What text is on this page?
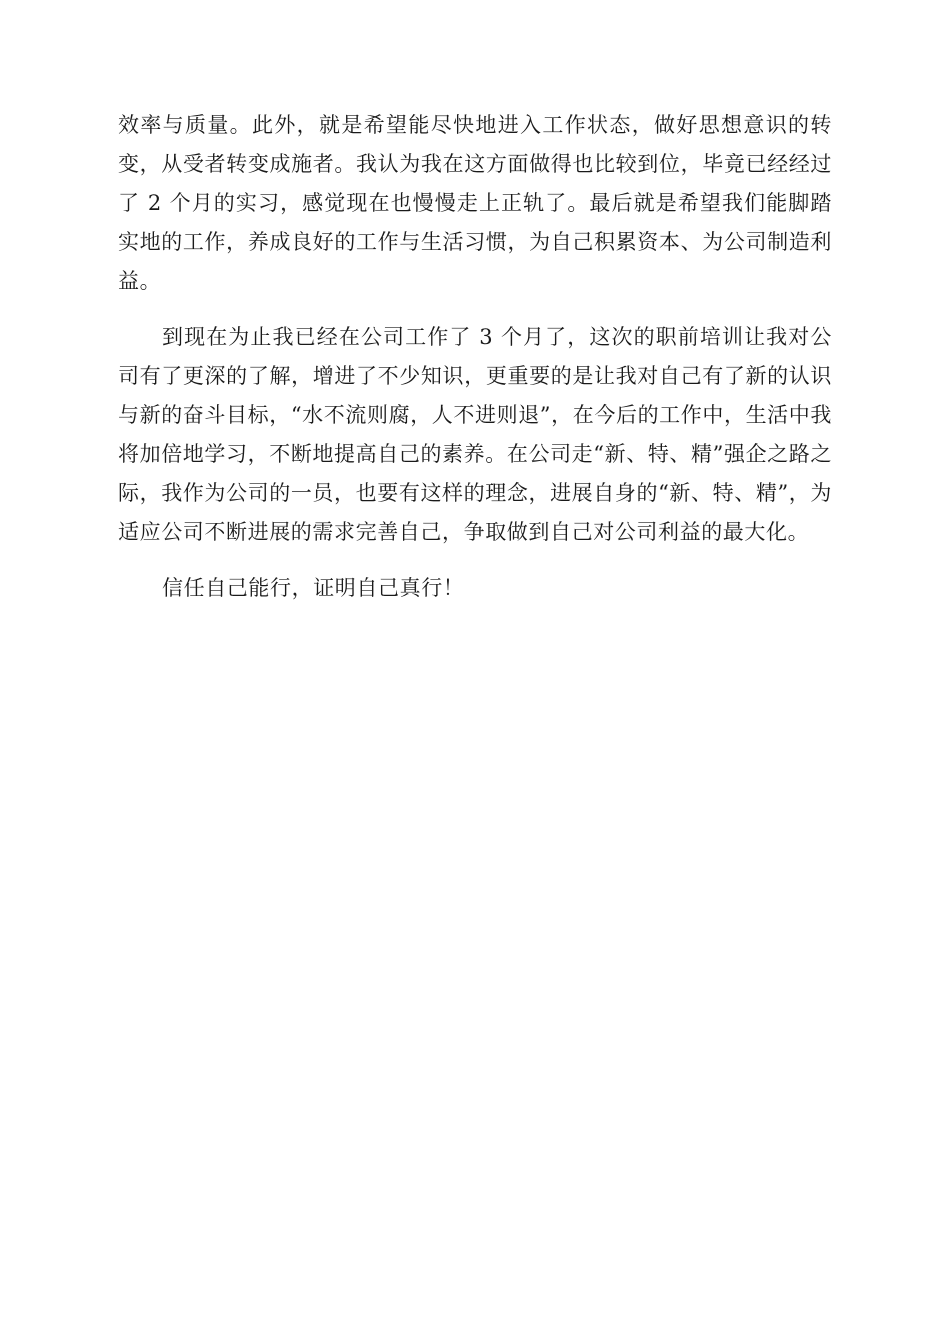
效率与质量。此外，就是希望能尽快地进入工作状态，做好思想意识的转变，从受者转变成施者。我认为我在这方面做得也比较到位，毕竟已经经过了 2 个月的实习，感觉现在也慢慢走上正轨了。最后就是希望我们能脚踏实地的工作，养成良好的工作与生活习惯，为自己积累资本、为公司制造利益。

到现在为止我已经在公司工作了 3 个月了，这次的职前培训让我对公司有了更深的了解，增进了不少知识，更重要的是让我对自己有了新的认识与新的奋斗目标，“水不流则腐，人不进则退”，在今后的工作中，生活中我将加倍地学习，不断地提高自己的素养。在公司走“新、特、精”强企之路之际，我作为公司的一员，也要有这样的理念，进展自身的“新、特、精”，为适应公司不断进展的需求完善自己，争取做到自己对公司利益的最大化。

信任自己能行，证明自己真行！
